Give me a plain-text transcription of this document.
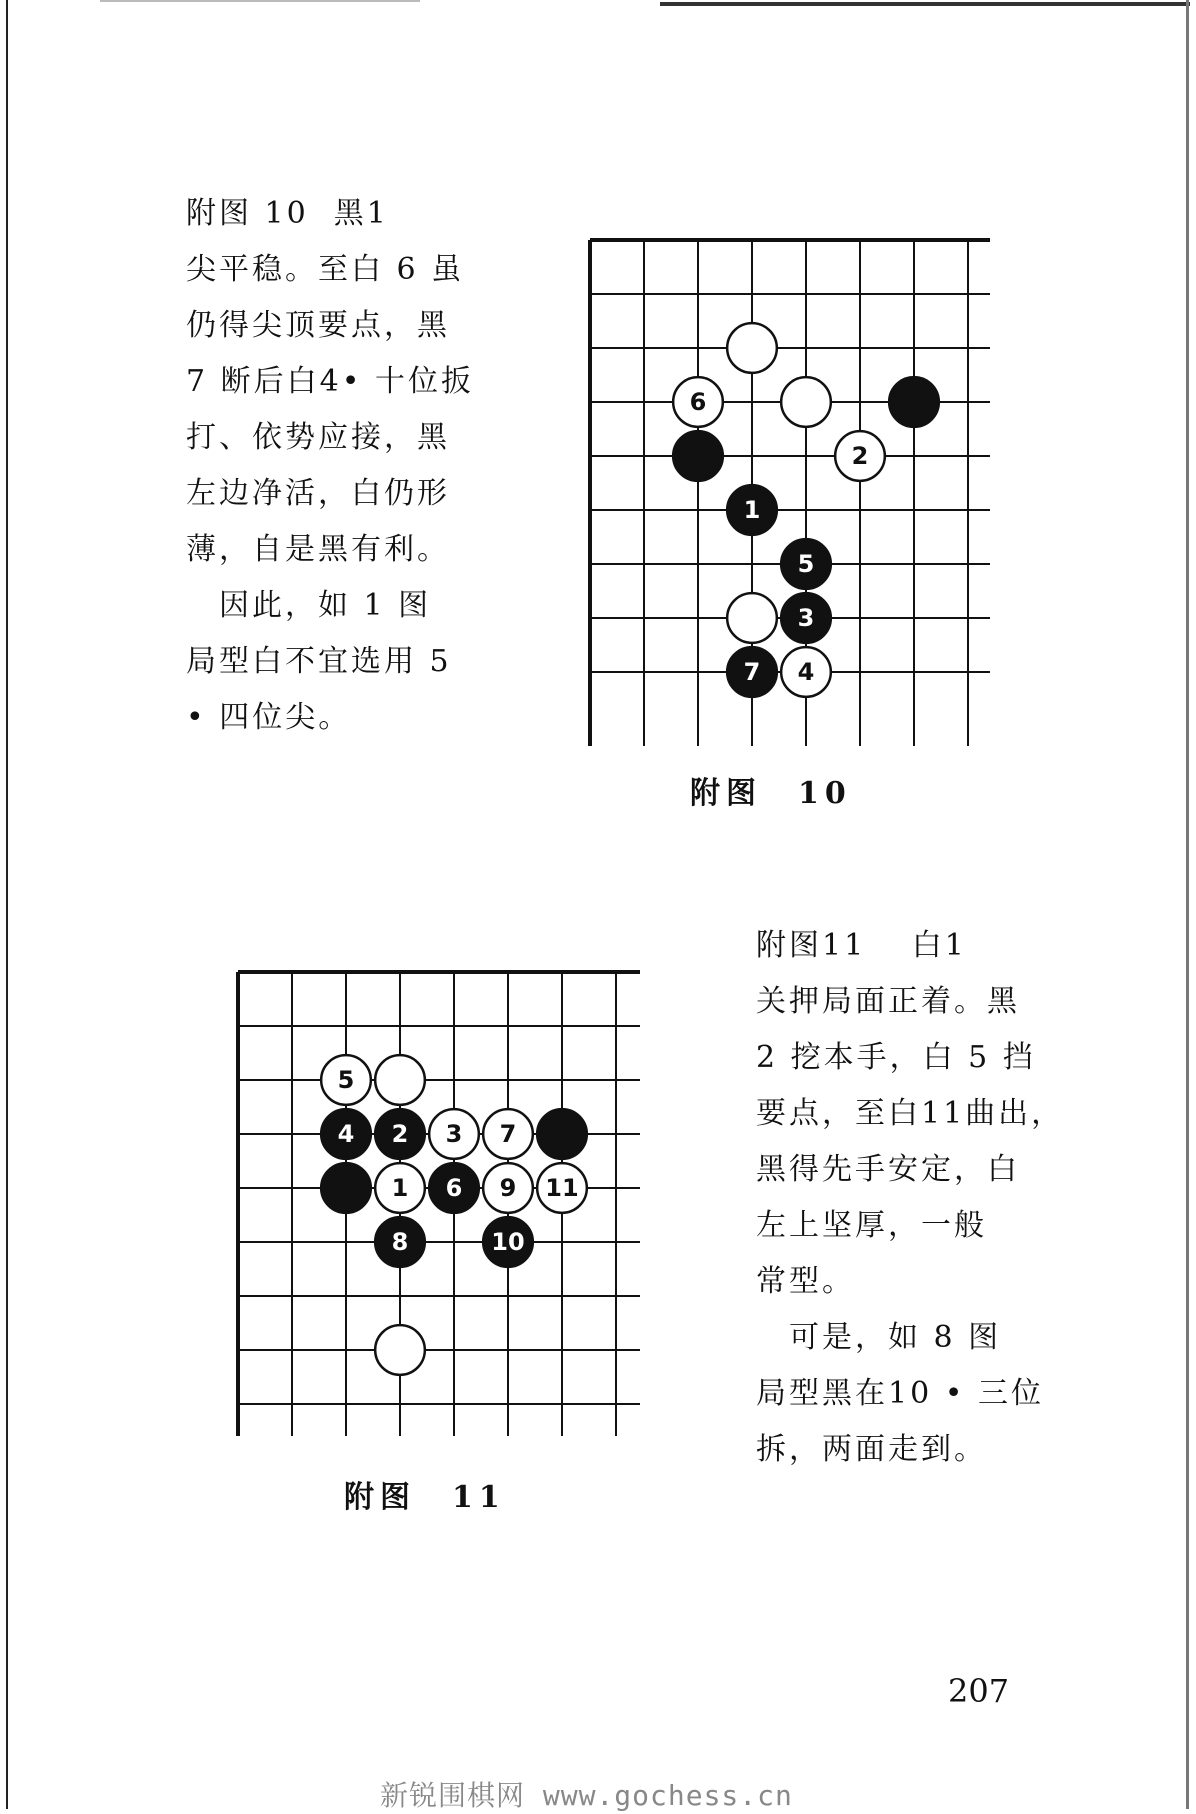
附图 10  黑1
尖平稳。至白 6 虽
仍得尖顶要点，黑
7 断后白4• 十位扳
打、依势应接，黑
左边净活，白仍形
薄，自是黑有利。
　因此，如 1 图
局型白不宜选用 5
• 四位尖。
附图11　 白1
关押局面正着。黑
2 挖本手，白 5 挡
要点，至白11曲出，
黑得先手安定，白
左上坚厚，一般
常型。
　可是，如 8 图
局型黑在10 • 三位
拆，两面走到。
6
2
1
5
3
7 4
5
4 2 3 7
1 6 9 11
8	10
附图　10
附图　11
207
新锐围棋网 www.gochess.cn
